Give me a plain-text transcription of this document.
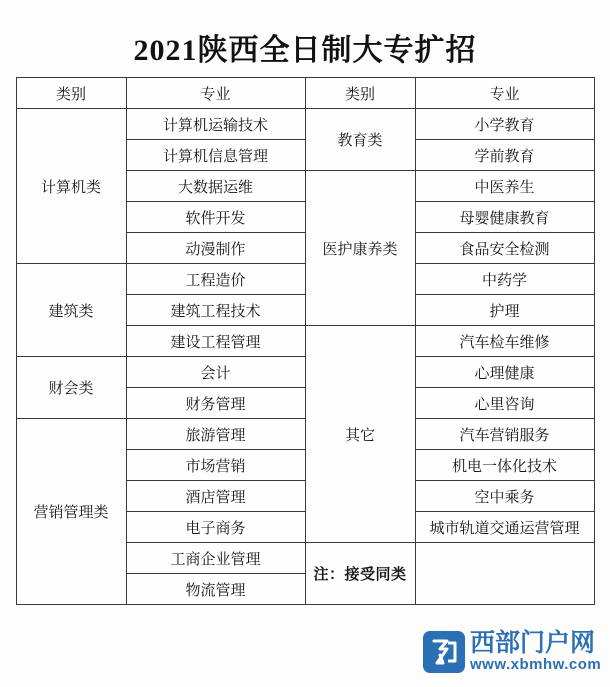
2021陕西全日制大专扩招
类别	专业	类别	专业
计算机类	计算机运输技术	教育类	小学教育
	计算机信息管理		学前教育
	大数据运维	医护康养类	中医养生
	软件开发		母婴健康教育
	动漫制作		食品安全检测
建筑类	工程造价		中药学
	建筑工程技术		护理
	建设工程管理	其它	汽车检车维修
财会类	会计		心理健康
	财务管理		心里咨询
营销管理类	旅游管理		汽车营销服务
	市场营销		机电一体化技术
	酒店管理		空中乘务
	电子商务		城市轨道交通运营管理
	工商企业管理	注：接受同类	
	物流管理		
西部门户网
www.xbmhw.com
